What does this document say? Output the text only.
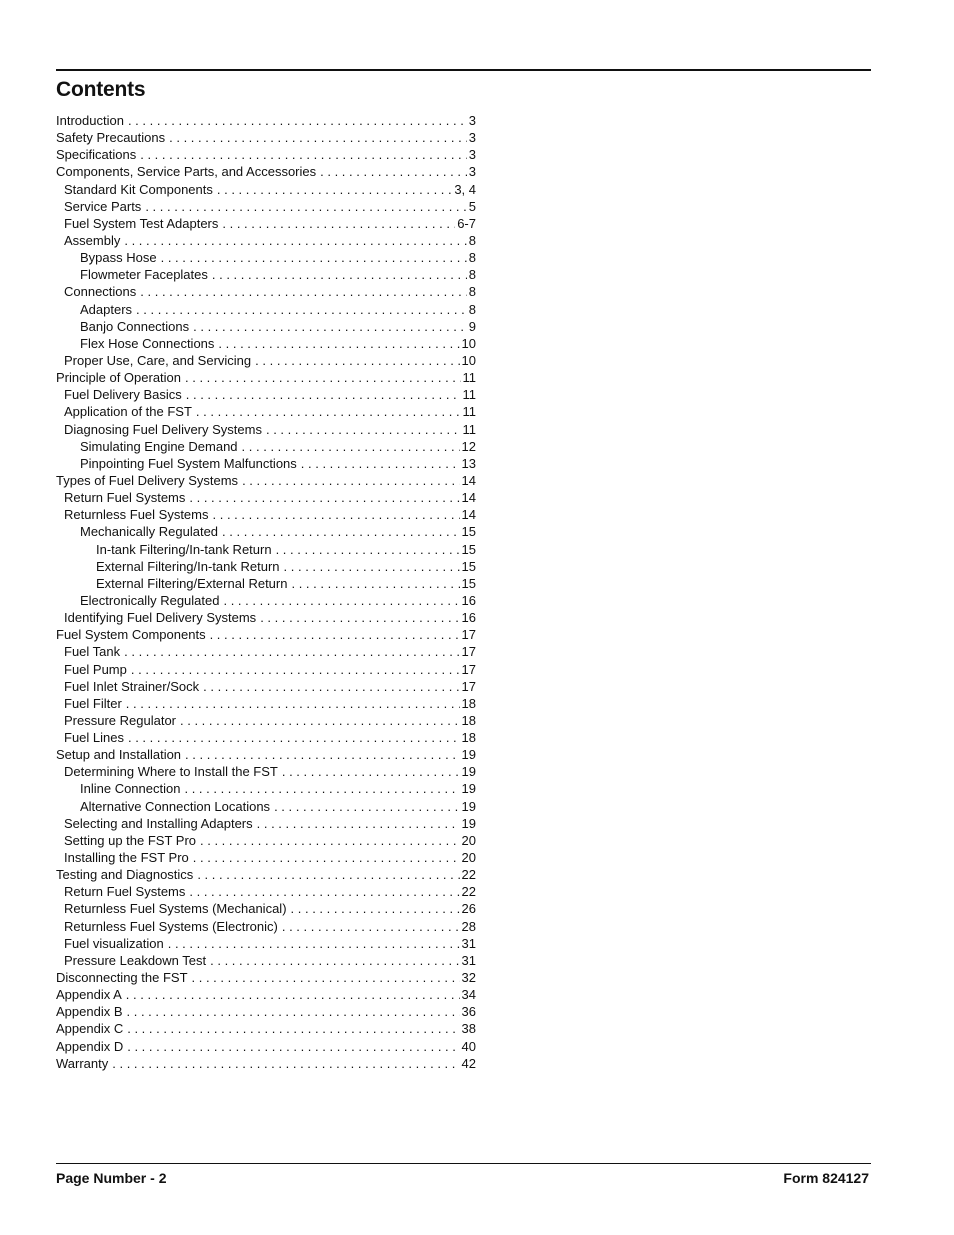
Contents
Introduction . . .	3
Safety Precautions . . .	3
Specifications . . .	3
Components, Service Parts, and Accessories . . .	3
Standard Kit Components . . .	3, 4
Service Parts . . .	5
Fuel System Test Adapters . . .	6-7
Assembly . . .	8
Bypass Hose . . .	8
Flowmeter Faceplates . . .	8
Connections . . .	8
Adapters . . .	8
Banjo Connections . . .	9
Flex Hose Connections . . .	10
Proper Use, Care, and Servicing . . .	10
Principle of Operation . . .	11
Fuel Delivery Basics . . .	11
Application of the FST . . .	11
Diagnosing Fuel Delivery Systems . . .	11
Simulating Engine Demand . . .	12
Pinpointing Fuel System Malfunctions . . .	13
Types of Fuel Delivery Systems . . .	14
Return Fuel Systems . . .	14
Returnless Fuel Systems . . .	14
Mechanically Regulated . . .	15
In-tank Filtering/In-tank Return . . .	15
External Filtering/In-tank Return . . .	15
External Filtering/External Return . . .	15
Electronically Regulated . . .	16
Identifying Fuel Delivery Systems . . .	16
Fuel System Components . . .	17
Fuel Tank . . .	17
Fuel Pump . . .	17
Fuel Inlet Strainer/Sock . . .	17
Fuel Filter . . .	18
Pressure Regulator . . .	18
Fuel Lines . . .	18
Setup and Installation . . .	19
Determining Where to Install the FST . . .	19
Inline Connection . . .	19
Alternative Connection Locations . . .	19
Selecting and Installing Adapters . . .	19
Setting up the FST Pro . . .	20
Installing the FST Pro . . .	20
Testing and Diagnostics . . .	22
Return Fuel Systems . . .	22
Returnless Fuel Systems (Mechanical) . . .	26
Returnless Fuel Systems (Electronic) . . .	28
Fuel visualization . . .	31
Pressure Leakdown Test . . .	31
Disconnecting the FST . . .	32
Appendix A . . .	34
Appendix B . . .	36
Appendix C . . .	38
Appendix D . . .	40
Warranty . . .	42
Page Number - 2	Form 824127
